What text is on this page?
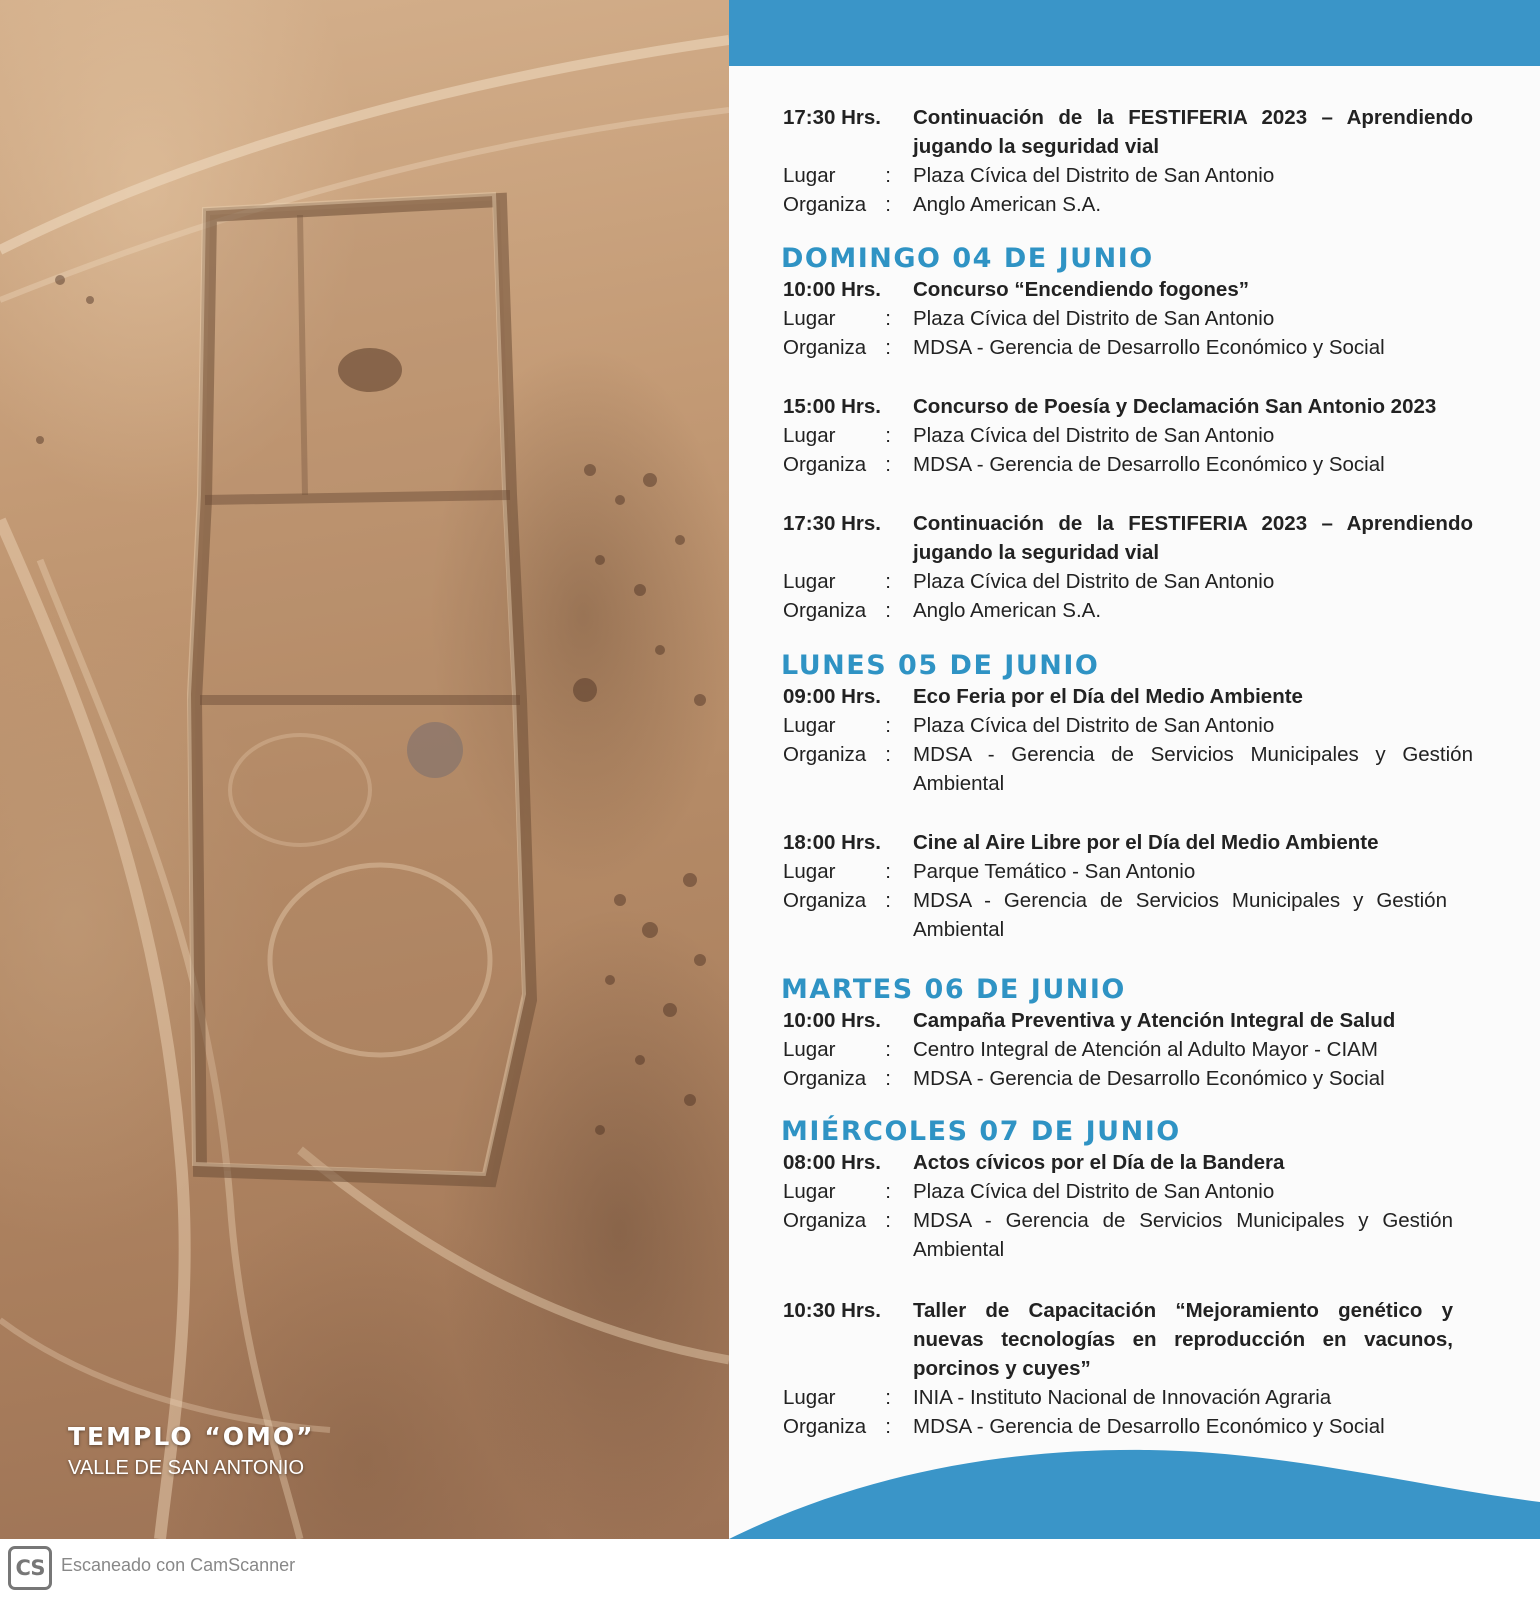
TEMPLO “OMO”
VALLE DE SAN ANTONIO
17:30 Hrs.	Continuación de la FESTIFERIA 2023 – Aprendiendo jugando la seguridad vial
Lugar : Plaza Cívica del Distrito de San Antonio
Organiza : Anglo American S.A.
DOMINGO 04 DE JUNIO
10:00 Hrs.	Concurso “Encendiendo fogones”
Lugar : Plaza Cívica del Distrito de San Antonio
Organiza : MDSA - Gerencia de Desarrollo Económico y Social
15:00 Hrs.	Concurso de Poesía y Declamación San Antonio 2023
Lugar : Plaza Cívica del Distrito de San Antonio
Organiza : MDSA - Gerencia de Desarrollo Económico y Social
17:30 Hrs.	Continuación de la FESTIFERIA 2023 – Aprendiendo jugando la seguridad vial
Lugar : Plaza Cívica del Distrito de San Antonio
Organiza : Anglo American S.A.
LUNES 05 DE JUNIO
09:00 Hrs.	Eco Feria por el Día del Medio Ambiente
Lugar : Plaza Cívica del Distrito de San Antonio
Organiza : MDSA - Gerencia de Servicios Municipales y Gestión Ambiental
18:00 Hrs.	Cine al Aire Libre por el Día del Medio Ambiente
Lugar : Parque Temático - San Antonio
Organiza : MDSA - Gerencia de Servicios Municipales y Gestión Ambiental
MARTES 06 DE JUNIO
10:00 Hrs.	Campaña Preventiva y Atención Integral de Salud
Lugar : Centro Integral de Atención al Adulto Mayor - CIAM
Organiza : MDSA - Gerencia de Desarrollo Económico y Social
MIÉRCOLES 07 DE JUNIO
08:00 Hrs.	Actos cívicos por el Día de la Bandera
Lugar : Plaza Cívica del Distrito de San Antonio
Organiza : MDSA - Gerencia de Servicios Municipales y Gestión Ambiental
10:30 Hrs.	Taller de Capacitación “Mejoramiento genético y nuevas tecnologías en reproducción en vacunos, porcinos y cuyes”
Lugar : INIA - Instituto Nacional de Innovación Agraria
Organiza : MDSA - Gerencia de Desarrollo Económico y Social
CS Escaneado con CamScanner
